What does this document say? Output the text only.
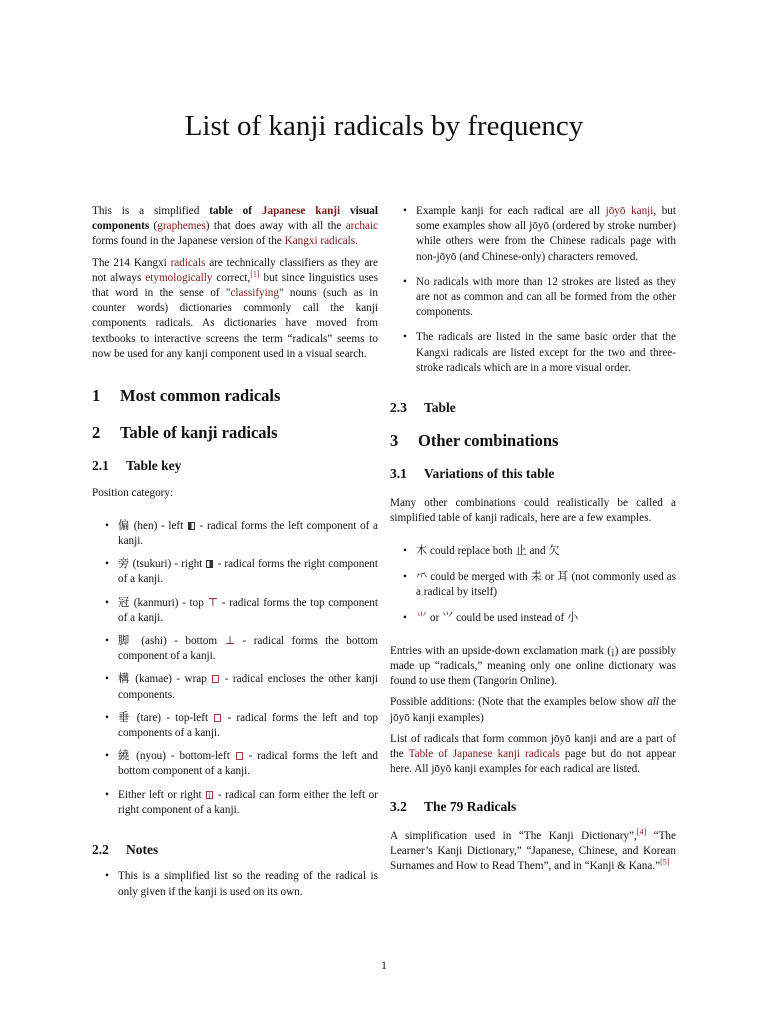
List of kanji radicals by frequency

This is a simplified table of Japanese kanji visual components (graphemes) that does away with all the archaic forms found in the Japanese version of the Kangxi radicals.

The 214 Kangxi radicals are technically classifiers as they are not always etymologically correct,[1] but since linguistics uses that word in the sense of "classifying" nouns (such as in counter words) dictionaries commonly call the kanji components radicals. As dictionaries have moved from textbooks to interactive screens the term “radicals” seems to now be used for any kanji component used in a visual search.

1 Most common radicals
2 Table of kanji radicals
2.1 Table key

Position category:

• 偏 (hen) - left  - radical forms the left component of a kanji.
• 旁 (tsukuri) - right  - radical forms the right component of a kanji.
• 冠 (kanmuri) - top ⊤ - radical forms the top component of a kanji.
• 脚 (ashi) - bottom ⊥ - radical forms the bottom component of a kanji.
• 構 (kamae) - wrap  - radical encloses the other kanji components.
• 垂 (tare) - top-left  - radical forms the left and top components of a kanji.
• 繞 (nyou) - bottom-left  - radical forms the left and bottom component of a kanji.
• Either left or right  - radical can form either the left or right component of a kanji.
2.2 Notes
• This is a simplified list so the reading of the radical is only given if the kanji is used on its own.
• Example kanji for each radical are all jōyō kanji, but some examples show all jōyō (ordered by stroke number) while others were from the Chinese radicals page with non-jōyō (and Chinese-only) characters removed.
• No radicals with more than 12 strokes are listed as they are not as common and can all be formed from the other components.
• The radicals are listed in the same basic order that the Kangxi radicals are listed except for the two and three-stroke radicals which are in a more visual order.
2.3 Table
3 Other combinations
3.1 Variations of this table

Many other combinations could realistically be called a simplified table of kanji radicals, here are a few examples.

• ⽊ could replace both ⽌ and ⽋
• ⺤ could be merged with ⽾ or ⽿ (not commonly used as a radical by itself)
• ⺌ or ⺍ could be used instead of ⼩

Entries with an upside-down exclamation mark (¡) are possibly made up “radicals,” meaning only one online dictionary was found to use them (Tangorin Online).

Possible additions: (Note that the examples below show all the jōyō kanji examples)

List of radicals that form common jōyō kanji and are a part of the Table of Japanese kanji radicals page but do not appear here. All jōyō kanji examples for each radical are listed.

3.2 The 79 Radicals

A simplification used in “The Kanji Dictionary”,[4] “The Learner’s Kanji Dictionary,” “Japanese, Chinese, and Korean Surnames and How to Read Them”, and in “Kanji & Kana.”[5]

1
